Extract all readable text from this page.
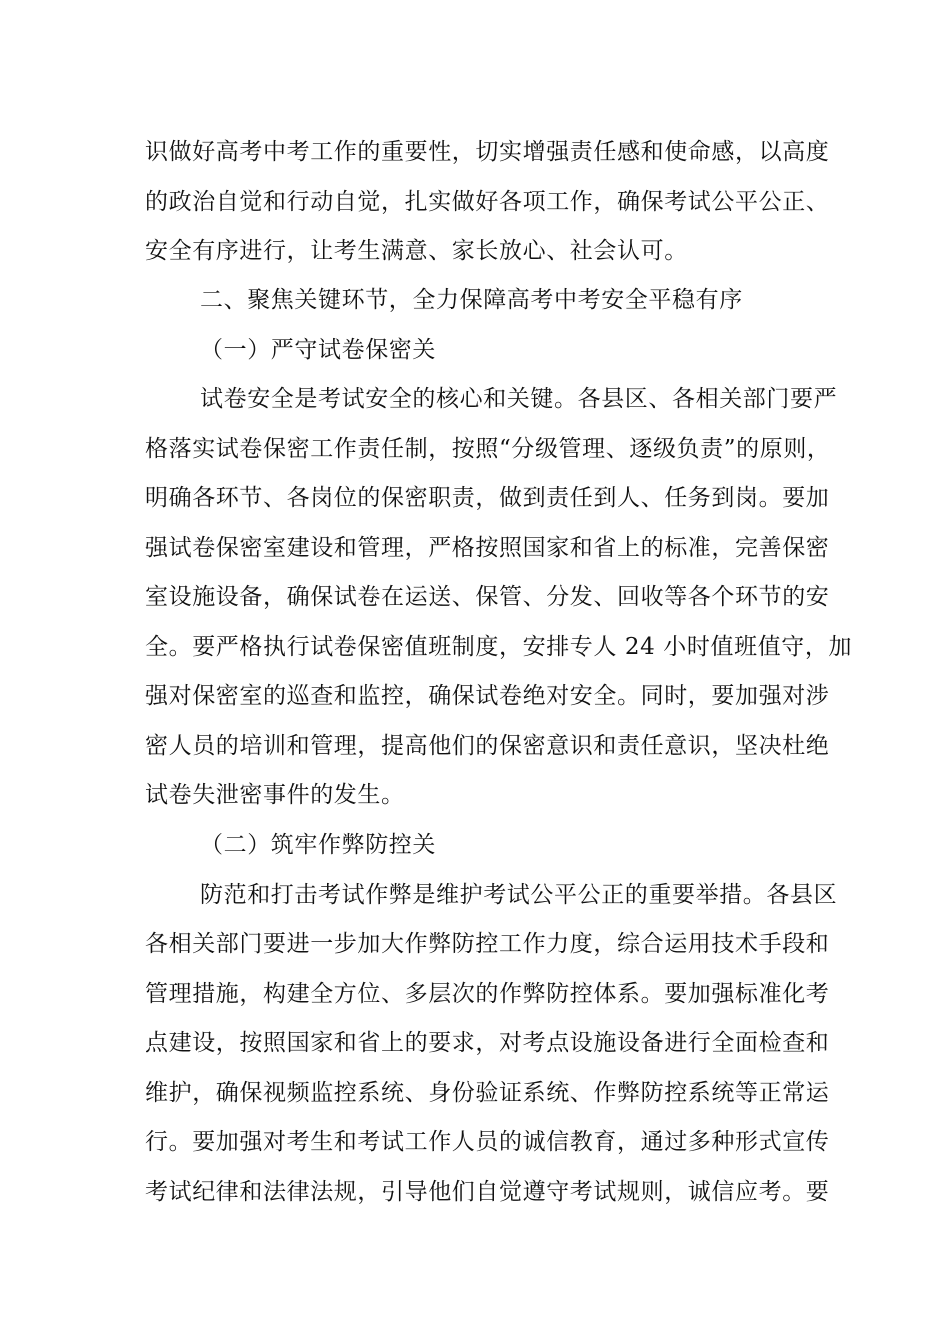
识做好高考中考工作的重要性，切实增强责任感和使命感，以高度
的政治自觉和行动自觉，扎实做好各项工作，确保考试公平公正、
安全有序进行，让考生满意、家长放心、社会认可。
二、聚焦关键环节，全力保障高考中考安全平稳有序
（一）严守试卷保密关
试卷安全是考试安全的核心和关键。各县区、各相关部门要严
格落实试卷保密工作责任制，按照“分级管理、逐级负责”的原则，
明确各环节、各岗位的保密职责，做到责任到人、任务到岗。要加
强试卷保密室建设和管理，严格按照国家和省上的标准，完善保密
室设施设备，确保试卷在运送、保管、分发、回收等各个环节的安
全。要严格执行试卷保密值班制度，安排专人 24 小时值班值守，加
强对保密室的巡查和监控，确保试卷绝对安全。同时，要加强对涉
密人员的培训和管理，提高他们的保密意识和责任意识，坚决杜绝
试卷失泄密事件的发生。
（二）筑牢作弊防控关
防范和打击考试作弊是维护考试公平公正的重要举措。各县区
各相关部门要进一步加大作弊防控工作力度，综合运用技术手段和
管理措施，构建全方位、多层次的作弊防控体系。要加强标准化考
点建设，按照国家和省上的要求，对考点设施设备进行全面检查和
维护，确保视频监控系统、身份验证系统、作弊防控系统等正常运
行。要加强对考生和考试工作人员的诚信教育，通过多种形式宣传
考试纪律和法律法规，引导他们自觉遵守考试规则，诚信应考。要
